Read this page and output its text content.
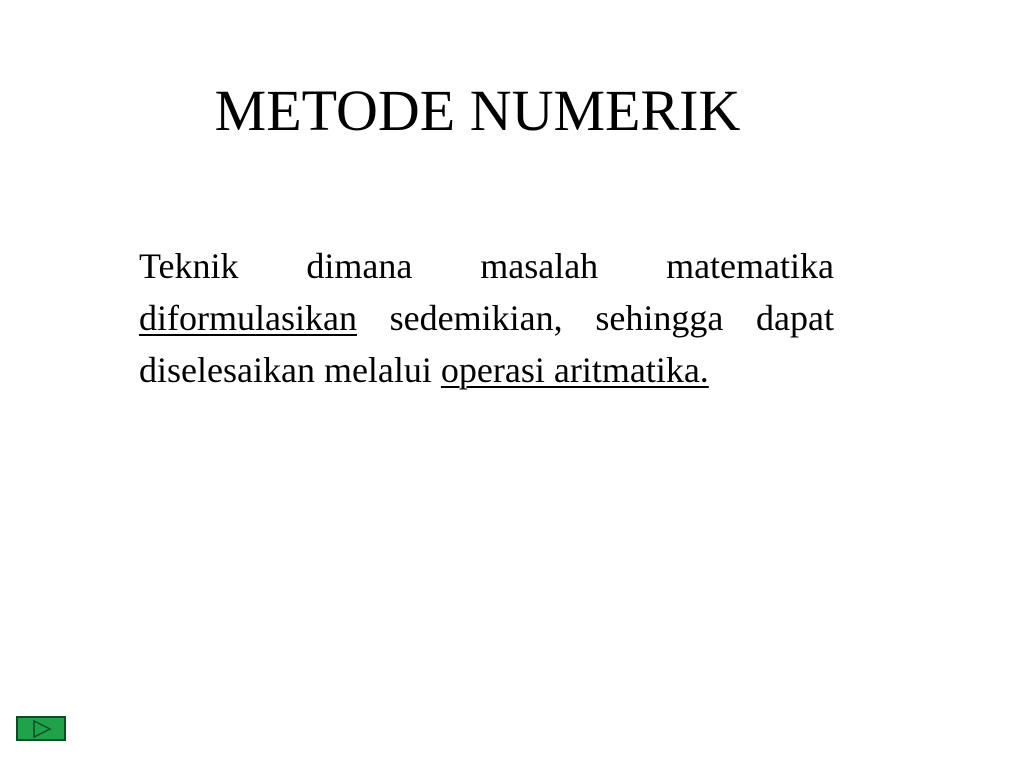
METODE NUMERIK
Teknik dimana masalah matematika diformulasikan sedemikian, sehingga dapat diselesaikan melalui operasi aritmatika.
